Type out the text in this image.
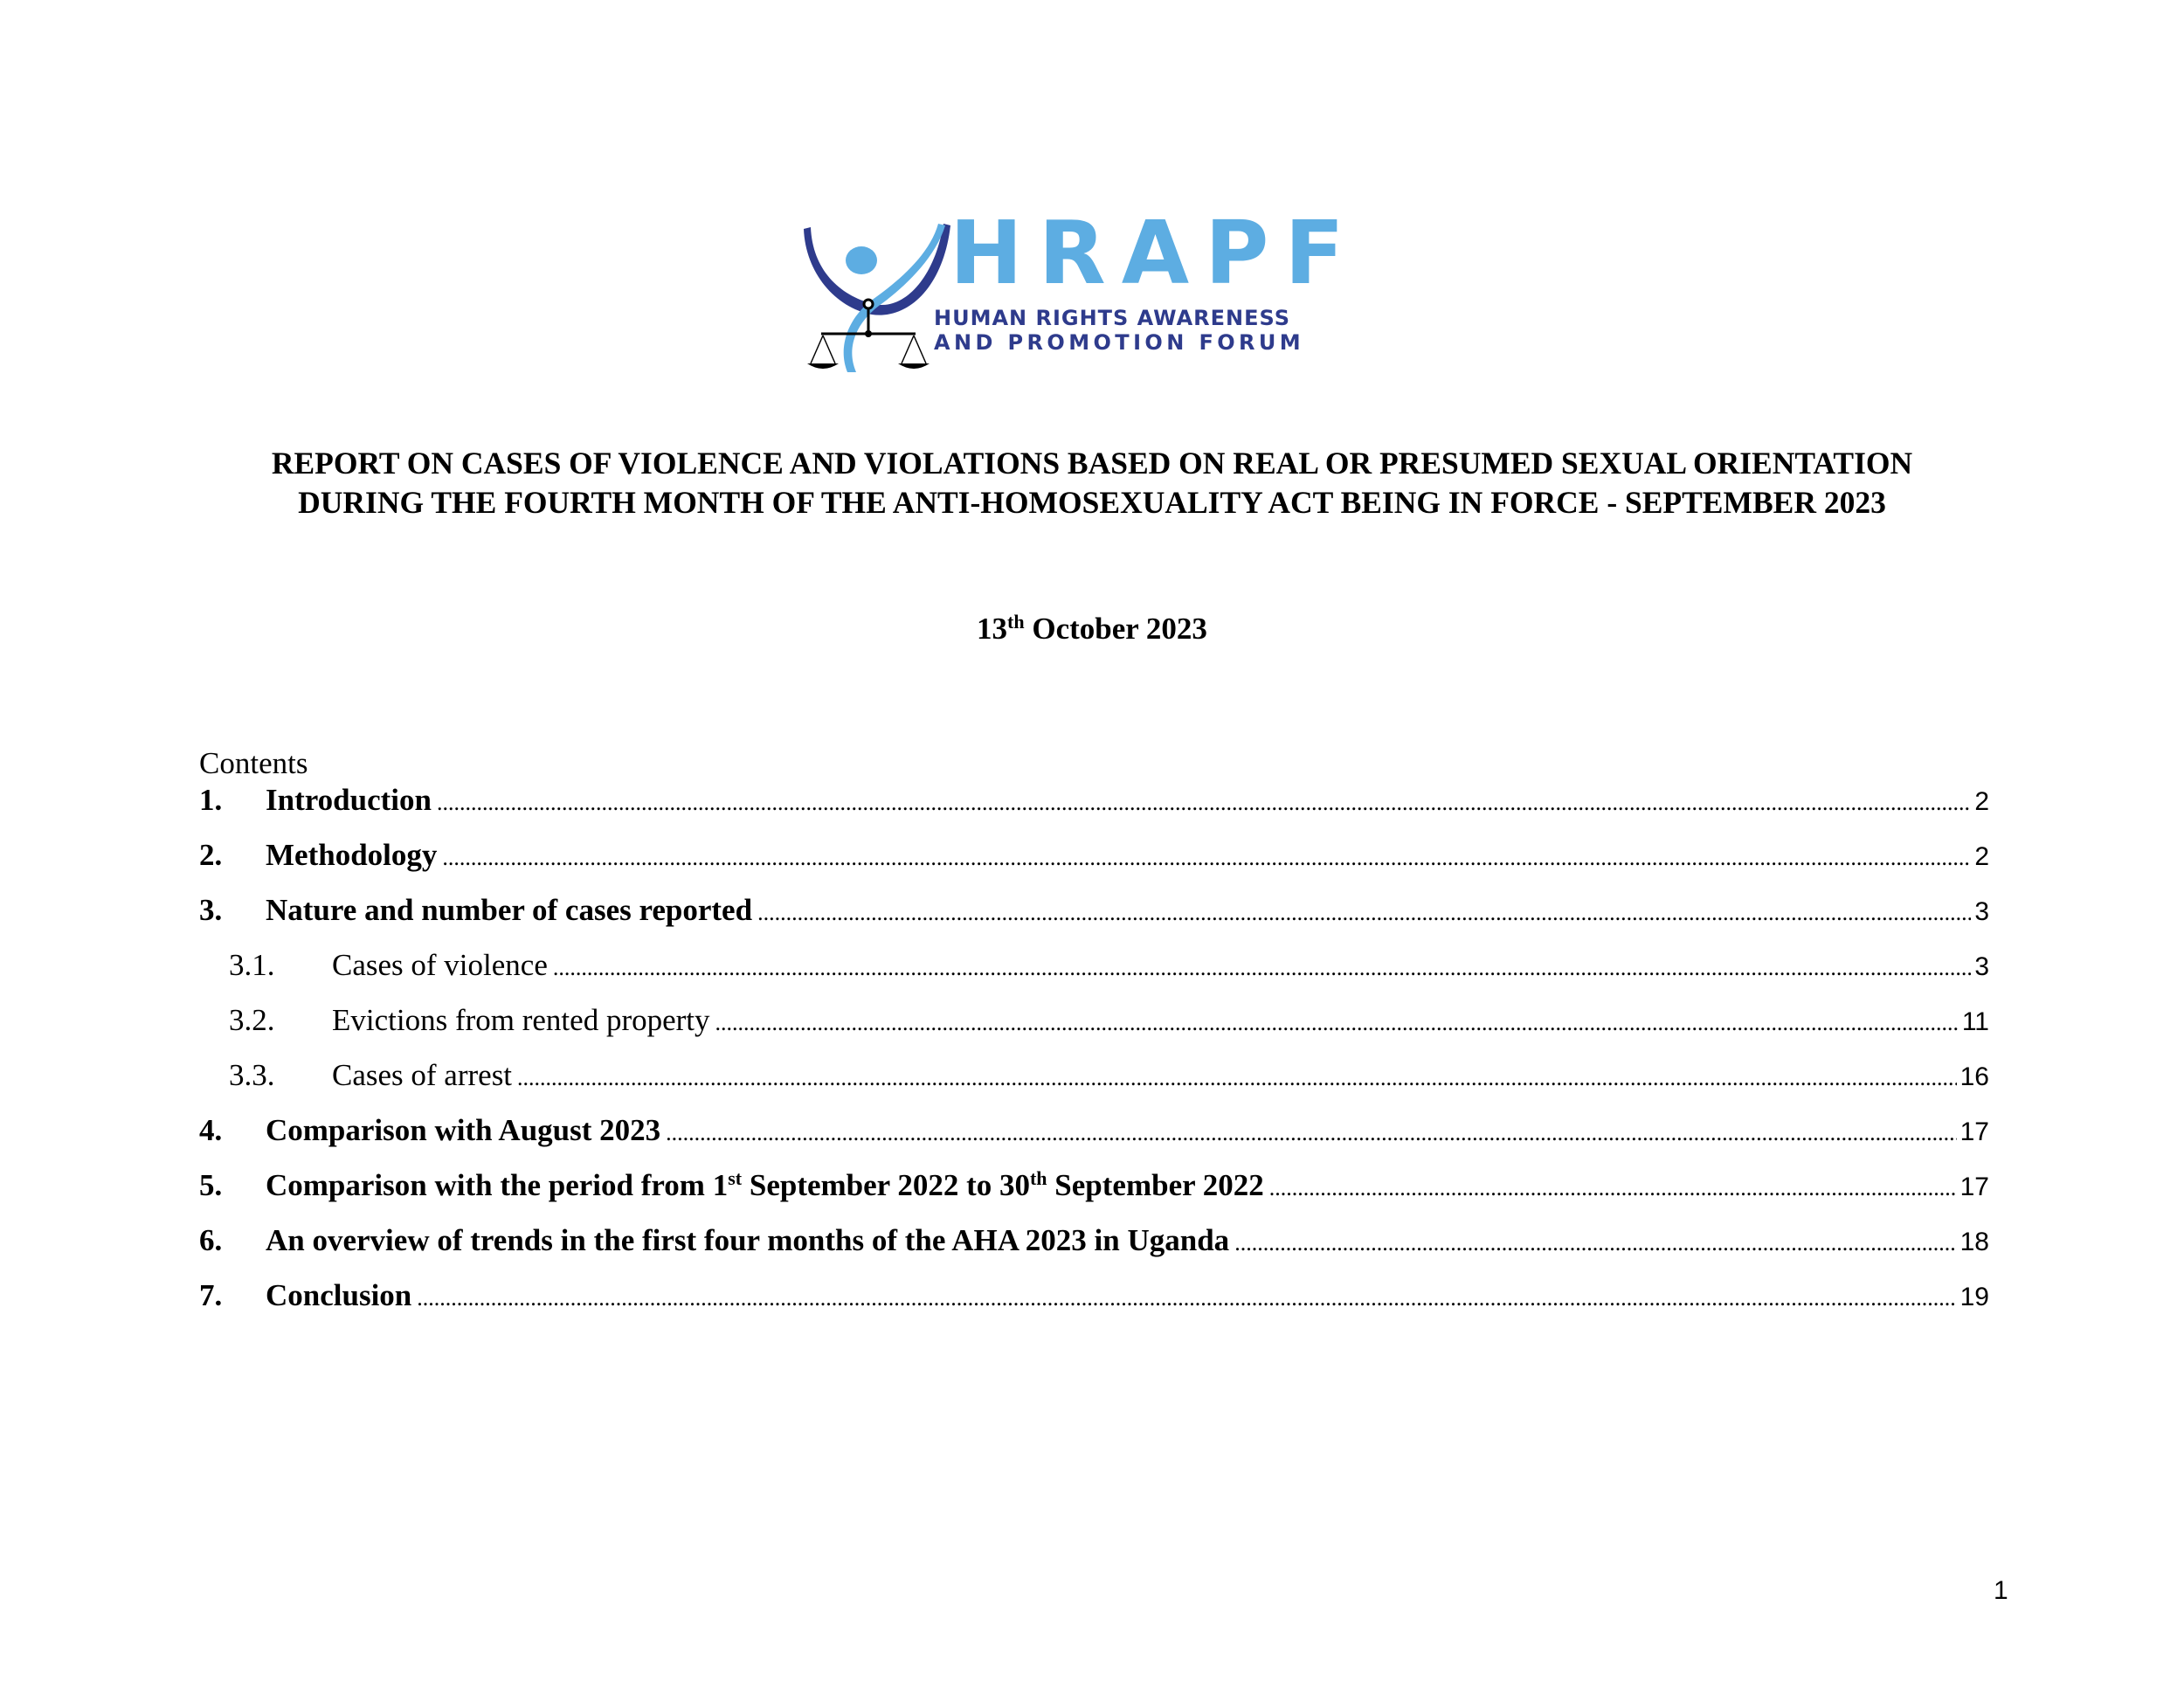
HRAPF
HUMAN RIGHTS AWARENESS
AND PROMOTION FORUM
REPORT ON CASES OF VIOLENCE AND VIOLATIONS BASED ON REAL OR PRESUMED SEXUAL ORIENTATION
DURING THE FOURTH MONTH OF THE ANTI-HOMOSEXUALITY ACT BEING IN FORCE - SEPTEMBER 2023
13th October 2023
Contents
1.	Introduction .....	2
2.	Methodology .....	2
3.	Nature and number of cases reported .....	3
3.1.	Cases of violence .....	3
3.2.	Evictions from rented property .....	11
3.3.	Cases of arrest .....	16
4.	Comparison with August 2023 .....	17
5.	Comparison with the period from 1st September 2022 to 30th September 2022 .....	17
6.	An overview of trends in the first four months of the AHA 2023 in Uganda .....	18
7.	Conclusion .....	19
1
